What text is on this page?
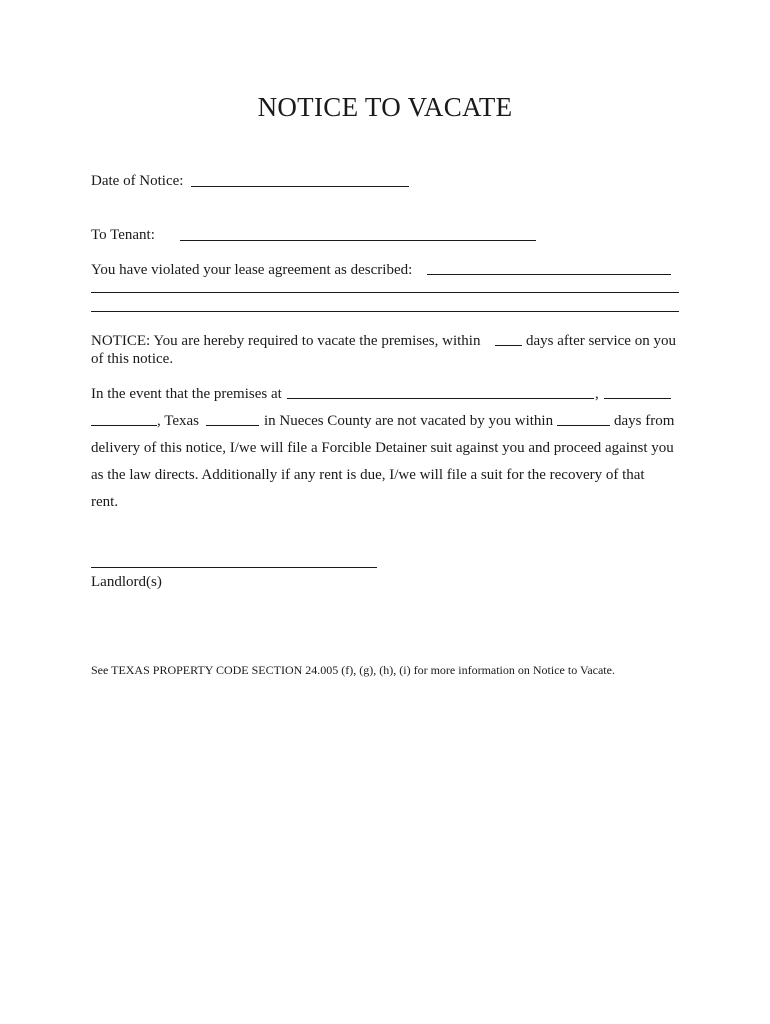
NOTICE TO VACATE
Date of Notice:
To Tenant:
You have violated your lease agreement as described:
NOTICE: You are hereby required to vacate the premises, within	days after service on you
of this notice.
In the event that the premises at	,
, Texas	in Nueces County are not vacated by you within	days from
delivery of this notice, I/we will file a Forcible Detainer suit against you and proceed against you
as the law directs. Additionally if any rent is due, I/we will file a suit for the recovery of that
rent.
Landlord(s)
See TEXAS PROPERTY CODE SECTION 24.005 (f), (g), (h), (i) for more information on Notice to Vacate.
